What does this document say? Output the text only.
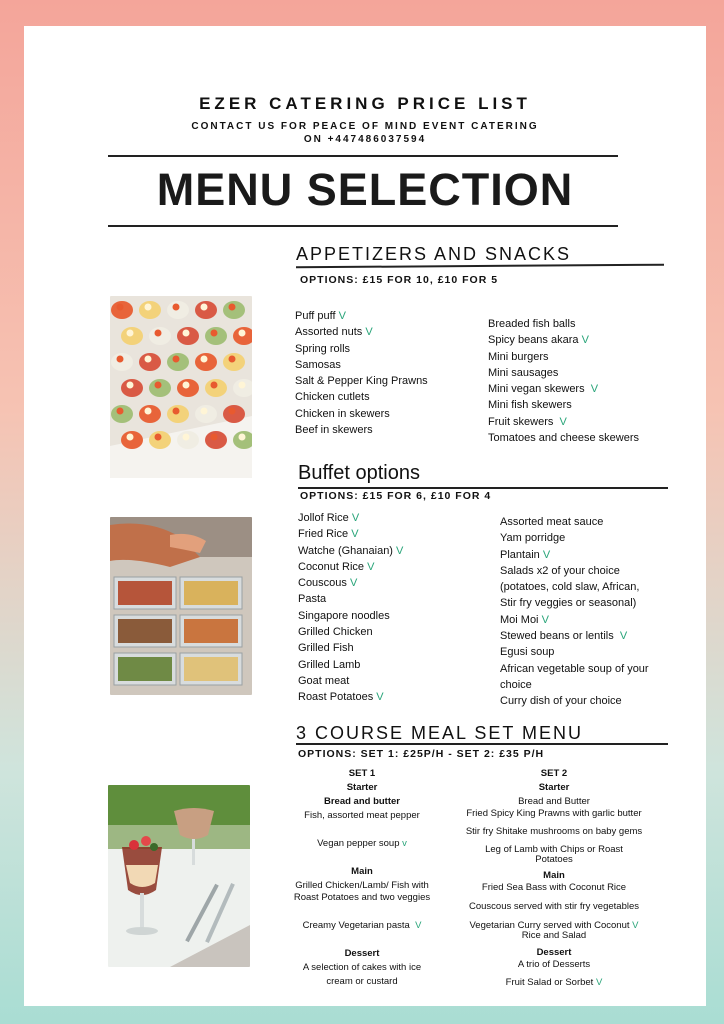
EZER CATERING PRICE LIST
CONTACT US FOR PEACE OF MIND EVENT CATERING
ON +447486037594
MENU SELECTION
APPETIZERS AND SNACKS
OPTIONS: £15 FOR 10, £10 FOR 5
Puff puff V
Assorted nuts V
Spring rolls
Samosas
Salt & Pepper King Prawns
Chicken cutlets
Chicken in skewers
Beef in skewers
Breaded fish balls
Spicy beans akara V
Mini burgers
Mini sausages
Mini vegan skewers V
Mini fish skewers
Fruit skewers V
Tomatoes and cheese skewers
Buffet options
OPTIONS: £15 FOR 6, £10 FOR 4
Jollof Rice V
Fried Rice V
Watche (Ghanaian) V
Coconut Rice V
Couscous V
Pasta
Singapore noodles
Grilled Chicken
Grilled Fish
Grilled Lamb
Goat meat
Roast Potatoes V
Assorted meat sauce
Yam porridge
Plantain V
Salads x2 of your choice
(potatoes, cold slaw, African,
Stir fry veggies or seasonal)
Moi Moi V
Stewed beans or lentils V
Egusi soup
African vegetable soup of your
choice
Curry dish of your choice
3 COURSE MEAL SET MENU
OPTIONS: SET 1: £25P/H - SET 2: £35 P/H

SET 1

Starter

Bread and butter

Fish, assorted meat pepper

Vegan pepper soup v

Main

Grilled Chicken/Lamb/ Fish with

Roast Potatoes and two veggies

Creamy Vegetarian pasta V

Dessert

A selection of cakes with ice

cream or custard

SET 2

Starter

Bread and Butter

Fried Spicy King Prawns with garlic butter

Stir fry Shitake mushrooms on baby gems

Leg of Lamb with Chips or Roast

Potatoes

Main

Fried Sea Bass with Coconut Rice

Couscous served with stir fry vegetables

Vegetarian Curry served with Coconut V

Rice and Salad

Dessert

A trio of Desserts

Fruit Salad or Sorbet V
